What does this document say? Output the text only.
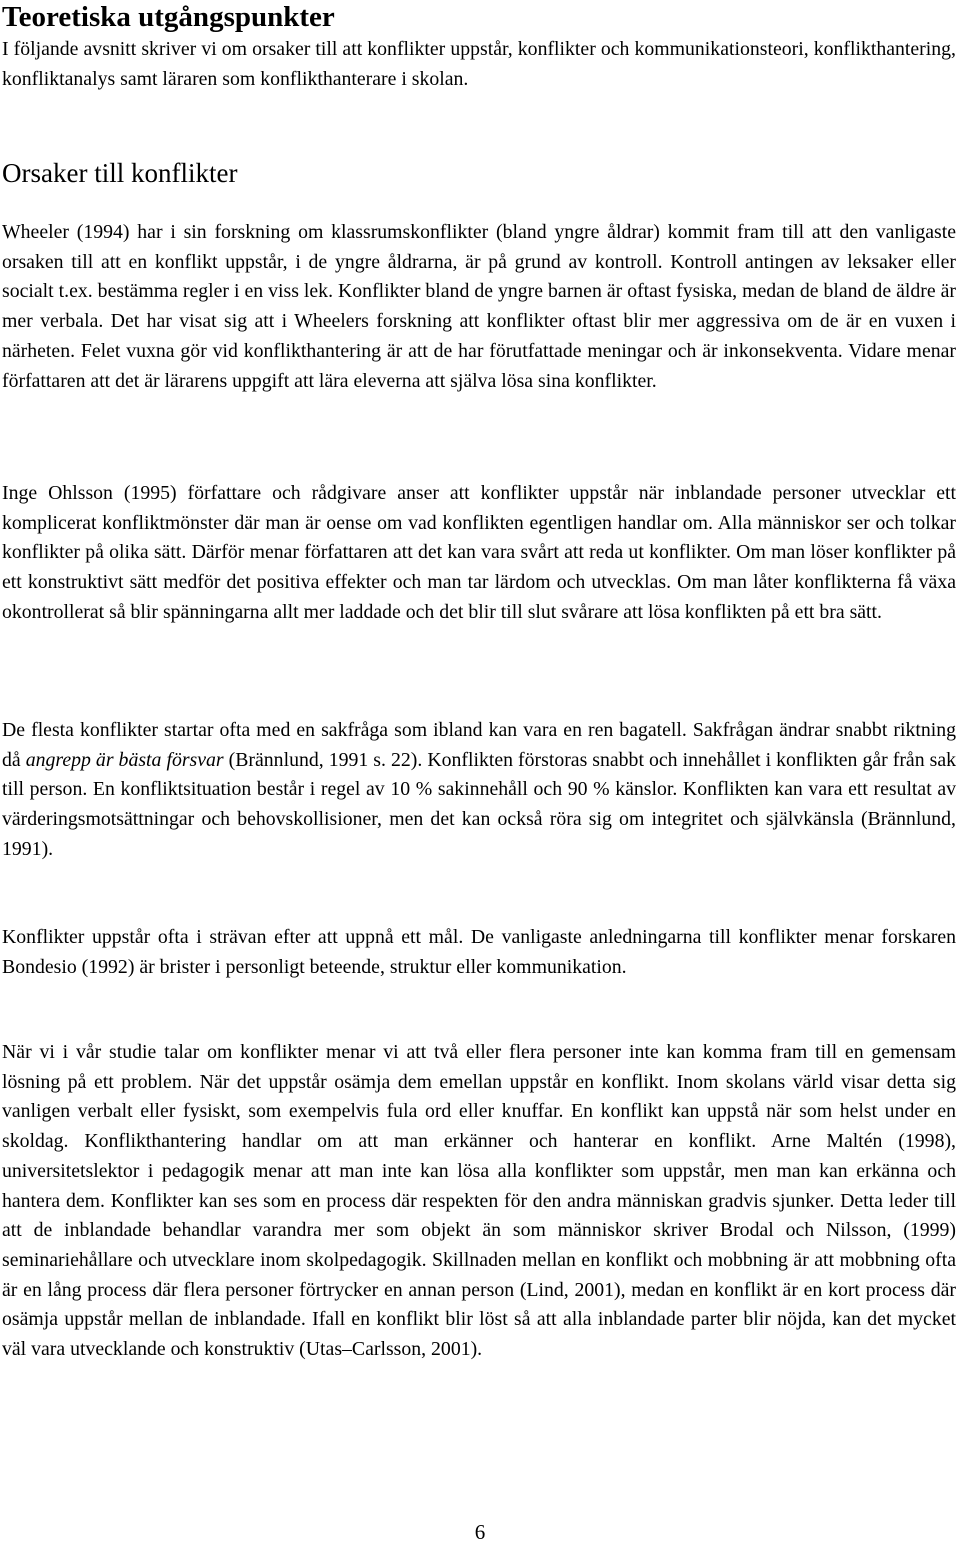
Teoretiska utgångspunkter

I följande avsnitt skriver vi om orsaker till att konflikter uppstår, konflikter och kommunikationsteori, konflikthantering, konfliktanalys samt läraren som konflikthanterare i skolan.

Orsaker till konflikter

Wheeler (1994) har i sin forskning om klassrumskonflikter (bland yngre åldrar) kommit fram till att den vanligaste orsaken till att en konflikt uppstår, i de yngre åldrarna, är på grund av kontroll. Kontroll antingen av leksaker eller socialt t.ex. bestämma regler i en viss lek. Konflikter bland de yngre barnen är oftast fysiska, medan de bland de äldre är mer verbala. Det har visat sig att i Wheelers forskning att konflikter oftast blir mer aggressiva om de är en vuxen i närheten. Felet vuxna gör vid konflikthantering är att de har förutfattade meningar och är inkonsekventa. Vidare menar författaren att det är lärarens uppgift att lära eleverna att själva lösa sina konflikter.

Inge Ohlsson (1995) författare och rådgivare anser att konflikter uppstår när inblandade personer utvecklar ett komplicerat konfliktmönster där man är oense om vad konflikten egentligen handlar om. Alla människor ser och tolkar konflikter på olika sätt. Därför menar författaren att det kan vara svårt att reda ut konflikter. Om man löser konflikter på ett konstruktivt sätt medför det positiva effekter och man tar lärdom och utvecklas. Om man låter konflikterna få växa okontrollerat så blir spänningarna allt mer laddade och det blir till slut svårare att lösa konflikten på ett bra sätt.

De flesta konflikter startar ofta med en sakfråga som ibland kan vara en ren bagatell. Sakfrågan ändrar snabbt riktning då angrepp är bästa försvar (Brännlund, 1991 s. 22). Konflikten förstoras snabbt och innehållet i konflikten går från sak till person. En konfliktsituation består i regel av 10 % sakinnehåll och 90 % känslor. Konflikten kan vara ett resultat av värderingsmotsättningar och behovskollisioner, men det kan också röra sig om integritet och självkänsla (Brännlund, 1991).

Konflikter uppstår ofta i strävan efter att uppnå ett mål. De vanligaste anledningarna till konflikter menar forskaren Bondesio (1992) är brister i personligt beteende, struktur eller kommunikation.

När vi i vår studie talar om konflikter menar vi att två eller flera personer inte kan komma fram till en gemensam lösning på ett problem. När det uppstår osämja dem emellan uppstår en konflikt. Inom skolans värld visar detta sig vanligen verbalt eller fysiskt, som exempelvis fula ord eller knuffar. En konflikt kan uppstå när som helst under en skoldag. Konflikthantering handlar om att man erkänner och hanterar en konflikt. Arne Maltén (1998), universitetslektor i pedagogik menar att man inte kan lösa alla konflikter som uppstår, men man kan erkänna och hantera dem. Konflikter kan ses som en process där respekten för den andra människan gradvis sjunker. Detta leder till att de inblandade behandlar varandra mer som objekt än som människor skriver Brodal och Nilsson, (1999) seminariehållare och utvecklare inom skolpedagogik. Skillnaden mellan en konflikt och mobbning är att mobbning ofta är en lång process där flera personer förtrycker en annan person (Lind, 2001), medan en konflikt är en kort process där osämja uppstår mellan de inblandade. Ifall en konflikt blir löst så att alla inblandade parter blir nöjda, kan det mycket väl vara utvecklande och konstruktiv (Utas–Carlsson, 2001).

6
